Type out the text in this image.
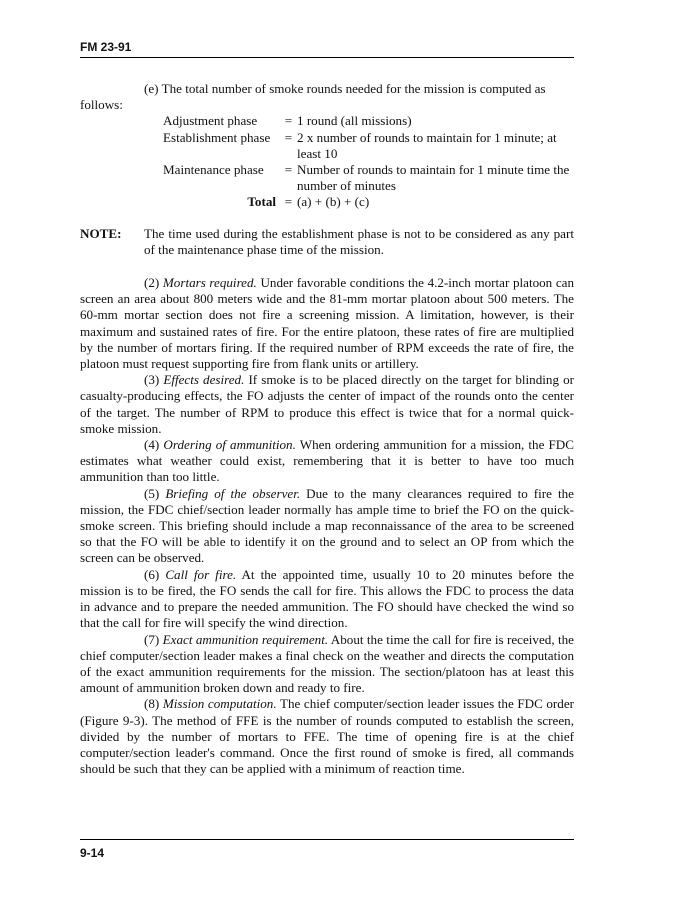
FM 23-91

(e) The total number of smoke rounds needed for the mission is computed as

follows:

Adjustment phase	=	1 round (all missions)
Establishment phase	=	2 x number of rounds to maintain for 1 minute; at least 10
Maintenance phase	=	Number of rounds to maintain for 1 minute time the number of minutes
Total	=	(a) + (b) + (c)
NOTE:	The time used during the establishment phase is not to be considered as any part of the maintenance phase time of the mission.

(2) Mortars required. Under favorable conditions the 4.2-inch mortar platoon can screen an area about 800 meters wide and the 81-mm mortar platoon about 500 meters. The 60-mm mortar section does not fire a screening mission. A limitation, however, is their maximum and sustained rates of fire. For the entire platoon, these rates of fire are multiplied by the number of mortars firing. If the required number of RPM exceeds the rate of fire, the platoon must request supporting fire from flank units or artillery.

(3) Effects desired. If smoke is to be placed directly on the target for blinding or casualty-producing effects, the FO adjusts the center of impact of the rounds onto the center of the target. The number of RPM to produce this effect is twice that for a normal quick-smoke mission.

(4) Ordering of ammunition. When ordering ammunition for a mission, the FDC estimates what weather could exist, remembering that it is better to have too much ammunition than too little.

(5) Briefing of the observer. Due to the many clearances required to fire the mission, the FDC chief/section leader normally has ample time to brief the FO on the quick-smoke screen. This briefing should include a map reconnaissance of the area to be screened so that the FO will be able to identify it on the ground and to select an OP from which the screen can be observed.

(6) Call for fire. At the appointed time, usually 10 to 20 minutes before the mission is to be fired, the FO sends the call for fire. This allows the FDC to process the data in advance and to prepare the needed ammunition. The FO should have checked the wind so that the call for fire will specify the wind direction.

(7) Exact ammunition requirement. About the time the call for fire is received, the chief computer/section leader makes a final check on the weather and directs the computation of the exact ammunition requirements for the mission. The section/platoon has at least this amount of ammunition broken down and ready to fire.

(8) Mission computation. The chief computer/section leader issues the FDC order (Figure 9-3). The method of FFE is the number of rounds computed to establish the screen, divided by the number of mortars to FFE. The time of opening fire is at the chief computer/section leader's command. Once the first round of smoke is fired, all commands should be such that they can be applied with a minimum of reaction time.

9-14
